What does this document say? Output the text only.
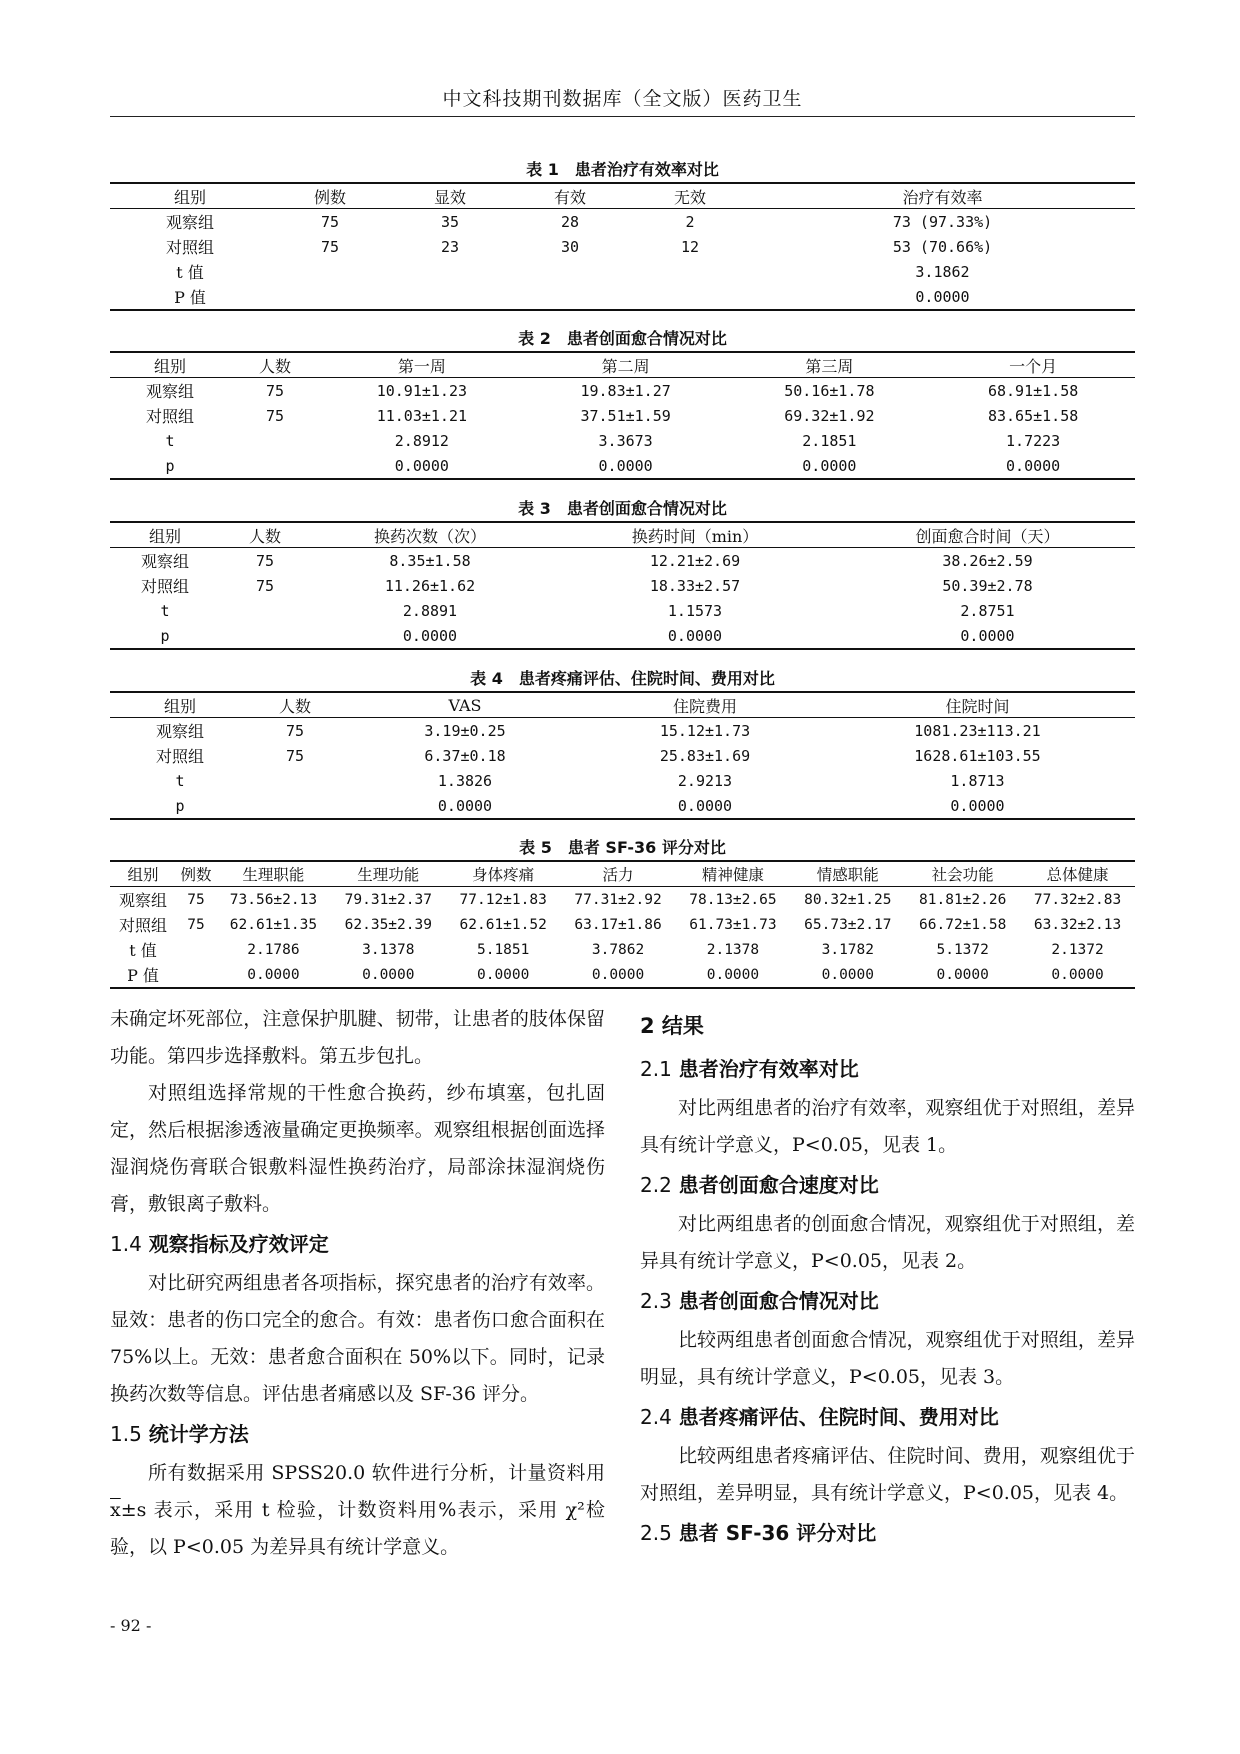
中文科技期刊数据库（全文版）医药卫生
表 1　患者治疗有效率对比
组别	例数	显效	有效	无效	治疗有效率
观察组	75	35	28	2	73 (97.33%)
对照组	75	23	30	12	53 (70.66%)
t 值					3.1862
P 值					0.0000
表 2　患者创面愈合情况对比
组别	人数	第一周	第二周	第三周	一个月
观察组	75	10.91±1.23	19.83±1.27	50.16±1.78	68.91±1.58
对照组	75	11.03±1.21	37.51±1.59	69.32±1.92	83.65±1.58
t		2.8912	3.3673	2.1851	1.7223
p		0.0000	0.0000	0.0000	0.0000
表 3　患者创面愈合情况对比
组别	人数	换药次数（次）	换药时间（min）	创面愈合时间（天）
观察组	75	8.35±1.58	12.21±2.69	38.26±2.59
对照组	75	11.26±1.62	18.33±2.57	50.39±2.78
t		2.8891	1.1573	2.8751
p		0.0000	0.0000	0.0000
表 4　患者疼痛评估、住院时间、费用对比
组别	人数	VAS	住院费用	住院时间
观察组	75	3.19±0.25	15.12±1.73	1081.23±113.21
对照组	75	6.37±0.18	25.83±1.69	1628.61±103.55
t		1.3826	2.9213	1.8713
p		0.0000	0.0000	0.0000
表 5　患者 SF-36 评分对比
组别	例数	生理职能	生理功能	身体疼痛	活力	精神健康	情感职能	社会功能	总体健康
观察组	75	73.56±2.13	79.31±2.37	77.12±1.83	77.31±2.92	78.13±2.65	80.32±1.25	81.81±2.26	77.32±2.83
对照组	75	62.61±1.35	62.35±2.39	62.61±1.52	63.17±1.86	61.73±1.73	65.73±2.17	66.72±1.58	63.32±2.13
t 值		2.1786	3.1378	5.1851	3.7862	2.1378	3.1782	5.1372	2.1372
P 值		0.0000	0.0000	0.0000	0.0000	0.0000	0.0000	0.0000	0.0000

未确定坏死部位，注意保护肌腱、韧带，让患者的肢体保留功能。第四步选择敷料。第五步包扎。

对照组选择常规的干性愈合换药，纱布填塞，包扎固定，然后根据渗透液量确定更换频率。观察组根据创面选择湿润烧伤膏联合银敷料湿性换药治疗，局部涂抹湿润烧伤膏，敷银离子敷料。

1.4 观察指标及疗效评定

对比研究两组患者各项指标，探究患者的治疗有效率。显效：患者的伤口完全的愈合。有效：患者伤口愈合面积在 75%以上。无效：患者愈合面积在 50%以下。同时，记录换药次数等信息。评估患者痛感以及 SF-36 评分。

1.5 统计学方法

所有数据采用 SPSS20.0 软件进行分析，计量资料用 $\overline{x}\pm s$ 表示，采用 t 检验，计数资料用%表示，采用 χ²检验，以 P<0.05 为差异具有统计学意义。

2 结果
2.1 患者治疗有效率对比

对比两组患者的治疗有效率，观察组优于对照组，差异具有统计学意义，P<0.05，见表 1。

2.2 患者创面愈合速度对比

对比两组患者的创面愈合情况，观察组优于对照组，差异具有统计学意义，P<0.05，见表 2。

2.3 患者创面愈合情况对比

比较两组患者创面愈合情况，观察组优于对照组，差异明显，具有统计学意义，P<0.05，见表 3。

2.4 患者疼痛评估、住院时间、费用对比

比较两组患者疼痛评估、住院时间、费用，观察组优于对照组，差异明显，具有统计学意义，P<0.05，见表 4。

2.5 患者 SF-36 评分对比
- 92 -
